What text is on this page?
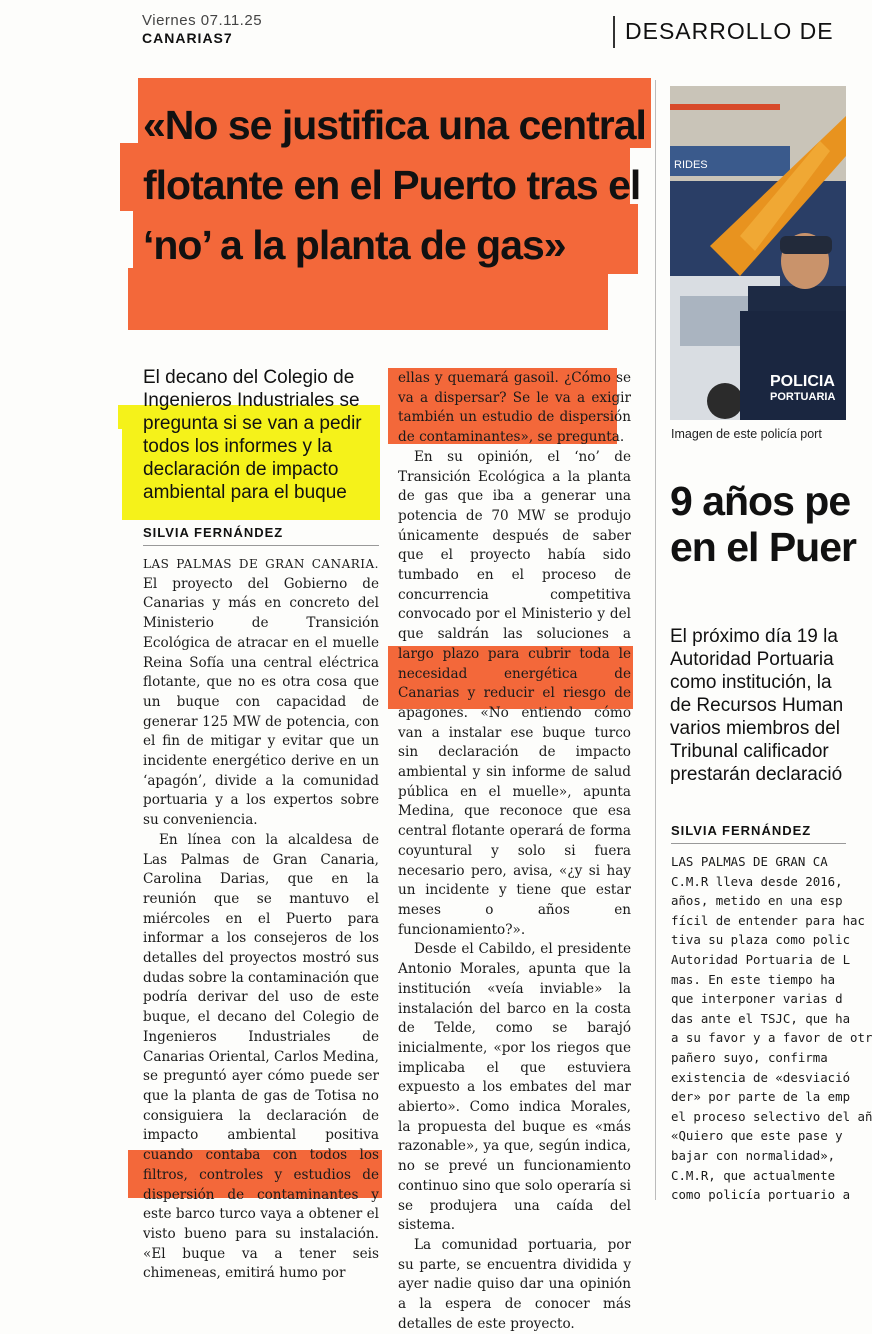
Viernes 07.11.25
CANARIAS7	DESARROLLO DE
«No se justifica una central flotante en el Puerto tras el ‘no’ a la planta de gas»
El decano del Colegio de Ingenieros Industriales se pregunta si se van a pedir todos los informes y la declaración de impacto ambiental para el buque
SILVIA FERNÁNDEZ

LAS PALMAS DE GRAN CANARIA. El proyecto del Gobierno de Canarias y más en concreto del Ministerio de Transición Ecológica de atracar en el muelle Reina Sofía una central eléctrica flotante, que no es otra cosa que un buque con capacidad de generar 125 MW de potencia, con el fin de mitigar y evitar que un incidente energético derive en un ‘apagón’, divide a la comunidad portuaria y a los expertos sobre su conveniencia.

En línea con la alcaldesa de Las Palmas de Gran Canaria, Carolina Darias, que en la reunión que se mantuvo el miércoles en el Puerto para informar a los consejeros de los detalles del proyectos mostró sus dudas sobre la contaminación que podría derivar del uso de este buque, el decano del Colegio de Ingenieros Industriales de Canarias Oriental, Carlos Medina, se preguntó ayer cómo puede ser que la planta de gas de Totisa no consiguiera la declaración de impacto ambiental positiva cuando contaba con todos los filtros, controles y estudios de dispersión de contaminantes y este barco turco vaya a obtener el visto bueno para su instalación. «El buque va a tener seis chimeneas, emitirá humo por

ellas y quemará gasoil. ¿Cómo se va a dispersar? Se le va a exigir también un estudio de dispersión de contaminantes», se pregunta.

En su opinión, el ‘no’ de Transición Ecológica a la planta de gas que iba a generar una potencia de 70 MW se produjo únicamente después de saber que el proyecto había sido tumbado en el proceso de concurrencia competitiva convocado por el Ministerio y del que saldrán las soluciones a largo plazo para cubrir toda le necesidad energética de Canarias y reducir el riesgo de apagones. «No entiendo cómo van a instalar ese buque turco sin declaración de impacto ambiental y sin informe de salud pública en el muelle», apunta Medina, que reconoce que esa central flotante operará de forma coyuntural y solo si fuera necesario pero, avisa, «¿y si hay un incidente y tiene que estar meses o años en funcionamiento?».

Desde el Cabildo, el presidente Antonio Morales, apunta que la institución «veía inviable» la instalación del barco en la costa de Telde, como se barajó inicialmente, «por los riegos que implicaba el que estuviera expuesto a los embates del mar abierto». Como indica Morales, la propuesta del buque es «más razonable», ya que, según indica, no se prevé un funcionamiento continuo sino que solo operaría si se produjera una caída del sistema.

La comunidad portuaria, por su parte, se encuentra dividida y ayer nadie quiso dar una opinión a la espera de conocer más detalles de este proyecto.

RIDES
POLICIA
PORTUARIA
Imagen de este policía port
9 años pe
en el Puer
El próximo día 19 la
Autoridad Portuaria
como institución, la
de Recursos Human
varios miembros del
Tribunal calificador
prestarán declaració
SILVIA FERNÁNDEZ
LAS PALMAS DE GRAN CA
C.M.R lleva desde 2016,
años, metido en una esp
fícil de entender para hac
tiva su plaza como polic
Autoridad Portuaria de L
mas. En este tiempo ha
que interponer varias d
das ante el TSJC, que ha
a su favor y a favor de otr
pañero suyo, confirma
existencia de «desviació
der» por parte de la emp
el proceso selectivo del añ
«Quiero que este pase y
bajar con normalidad»,
C.M.R, que actualmente
como policía portuario a
